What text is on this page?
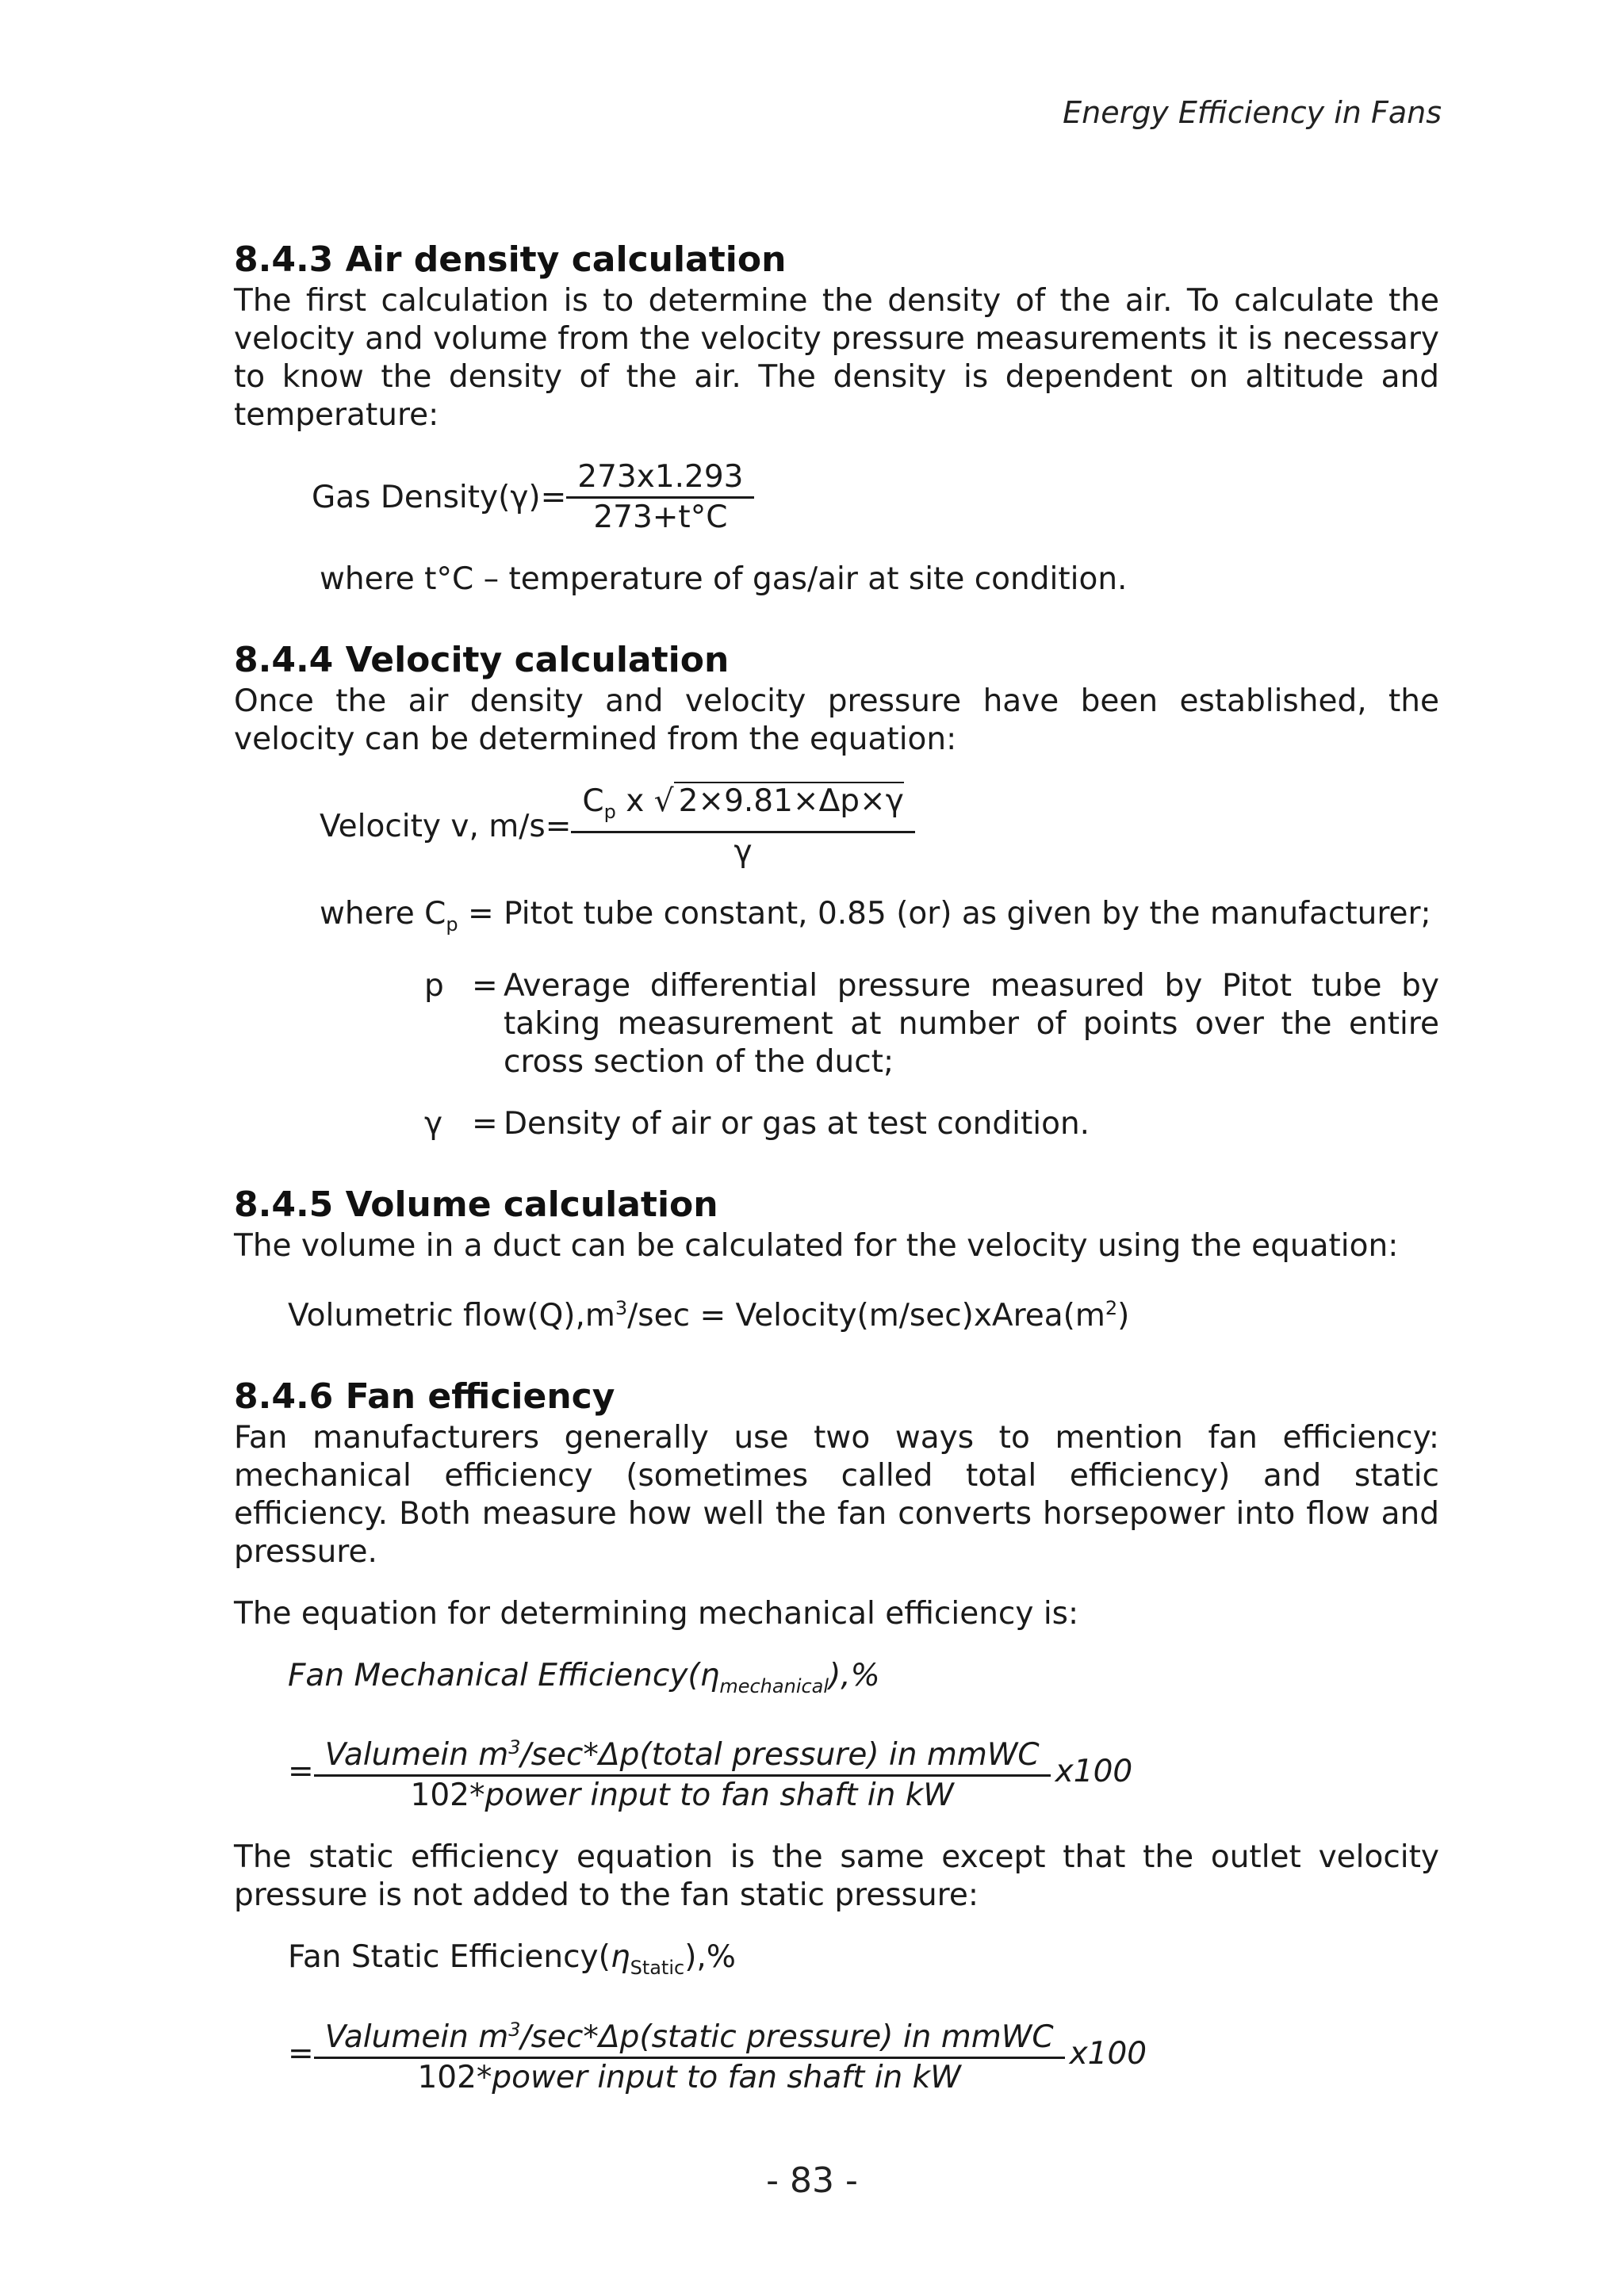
Energy Efficiency in Fans
8.4.3 Air density calculation

The first calculation is to determine the density of the air. To calculate the velocity and volume from the velocity pressure measurements it is necessary to know the density of the air. The density is dependent on altitude and temperature:

Gas Density(γ)= $\frac{273x1.293}{273+t^\circ C}$
where t°C – temperature of gas/air at site condition.
8.4.4 Velocity calculation

Once the air density and velocity pressure have been established, the velocity can be determined from the equation:

Velocity v, $m/s= \frac{C_p x √ 2\times 9.81\times\Delta p\times\gamma}{\gamma}$
where $C_p$ = Pitot tube constant, 0.85 (or) as given by the manufacturer;
p = Average differential pressure measured by Pitot tube by taking measurement at number of points over the entire cross section of the duct;
γ = Density of air or gas at test condition.
8.4.5 Volume calculation

The volume in a duct can be calculated for the velocity using the equation:

Volumetric $flow(Q),m^3/\sec$ = $Velocity(m/\sec)xArea(m^2)$
8.4.6 Fan efficiency

Fan manufacturers generally use two ways to mention fan efficiency: mechanical efficiency (sometimes called total efficiency) and static efficiency. Both measure how well the fan converts horsepower into flow and pressure.

The equation for determining mechanical efficiency is:

Fan Mechanical $Efficiency(\eta_{mechanical}),\%$
= $\frac{Valumein m^3/\sec*\Delta p(total pressure) in mmWC}{\text{102*power input to fan shaft in kW}} x100$

The static efficiency equation is the same except that the outlet velocity pressure is not added to the fan static pressure:

Fan Static $Efficiency(\eta_{Static}),\%$
= $\frac{Valumein m^3/\sec*\Delta p(static pressure) in mmWC}{\text{102*power input to fan shaft in kW}} x100$
- 83 -
